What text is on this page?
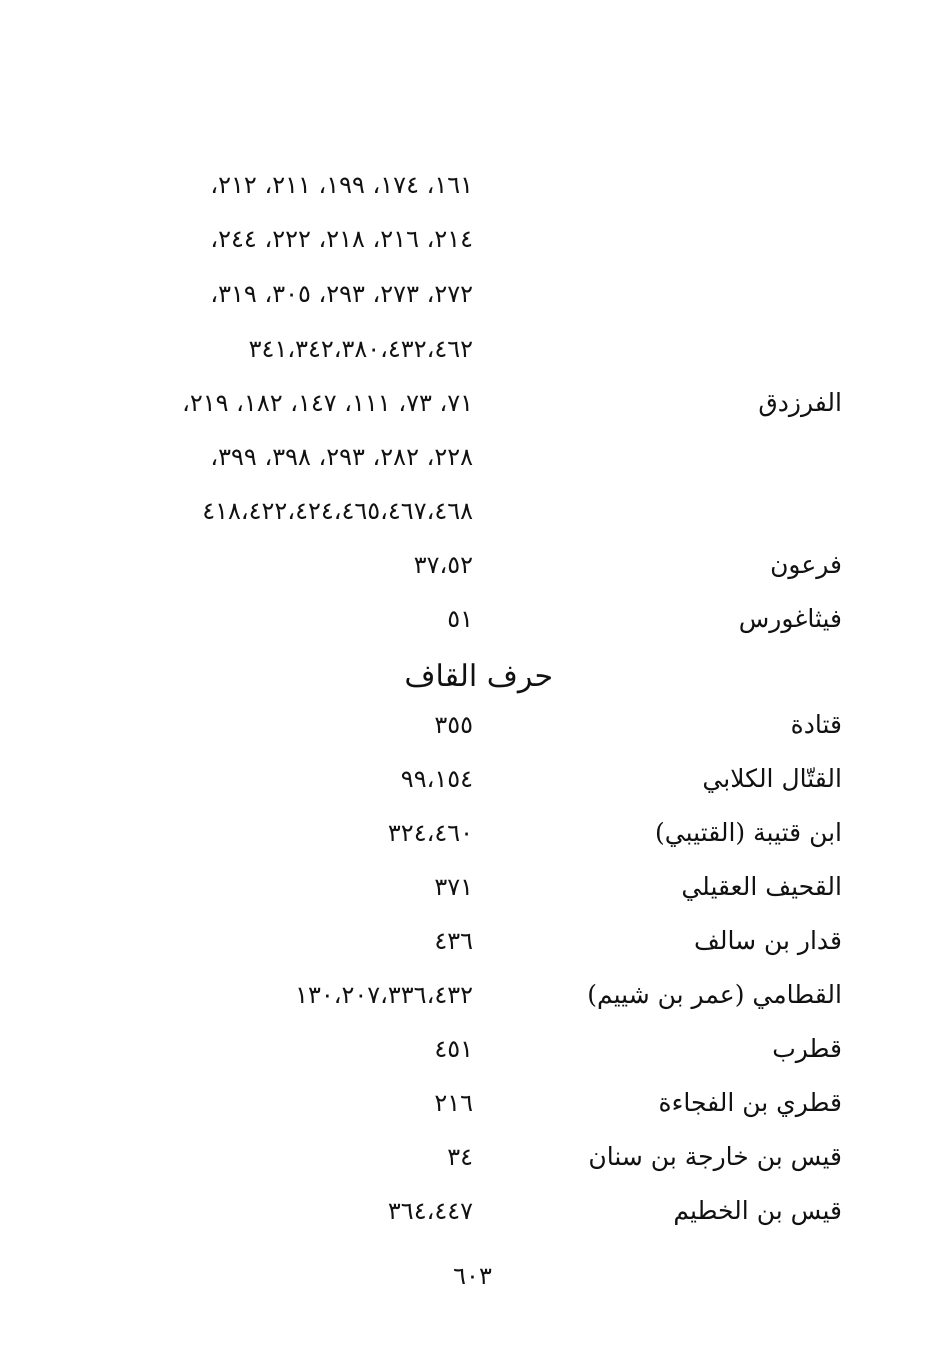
١٦١، ١٧٤، ١٩٩، ٢١١، ٢١٢،
٢١٤، ٢١٦، ٢١٨، ٢٢٢، ٢٤٤،
٢٧٢، ٢٧٣، ٢٩٣، ٣٠٥، ٣١٩،
٣٤١،٣٤٢،٣٨٠،٤٣٢،٤٦٢
الفرزدق
٧١، ٧٣، ١١١، ١٤٧، ١٨٢، ٢١٩،
٢٢٨، ٢٨٢، ٢٩٣، ٣٩٨، ٣٩٩،
٤١٨،٤٢٢،٤٢٤،٤٦٥،٤٦٧،٤٦٨
فرعون
٣٧،٥٢
فيثاغورس
٥١
حرف القاف
قتادة
٣٥٥
القتّال الكلابي
٩٩،١٥٤
ابن قتيبة (القتيبي)
٣٢٤،٤٦٠
القحيف العقيلي
٣٧١
قدار بن سالف
٤٣٦
القطامي (عمر بن شييم)
١٣٠،٢٠٧،٣٣٦،٤٣٢
قطرب
٤٥١
قطري بن الفجاءة
٢١٦
قيس بن خارجة بن سنان
٣٤
قيس بن الخطيم
٣٦٤،٤٤٧
٦٠٣
